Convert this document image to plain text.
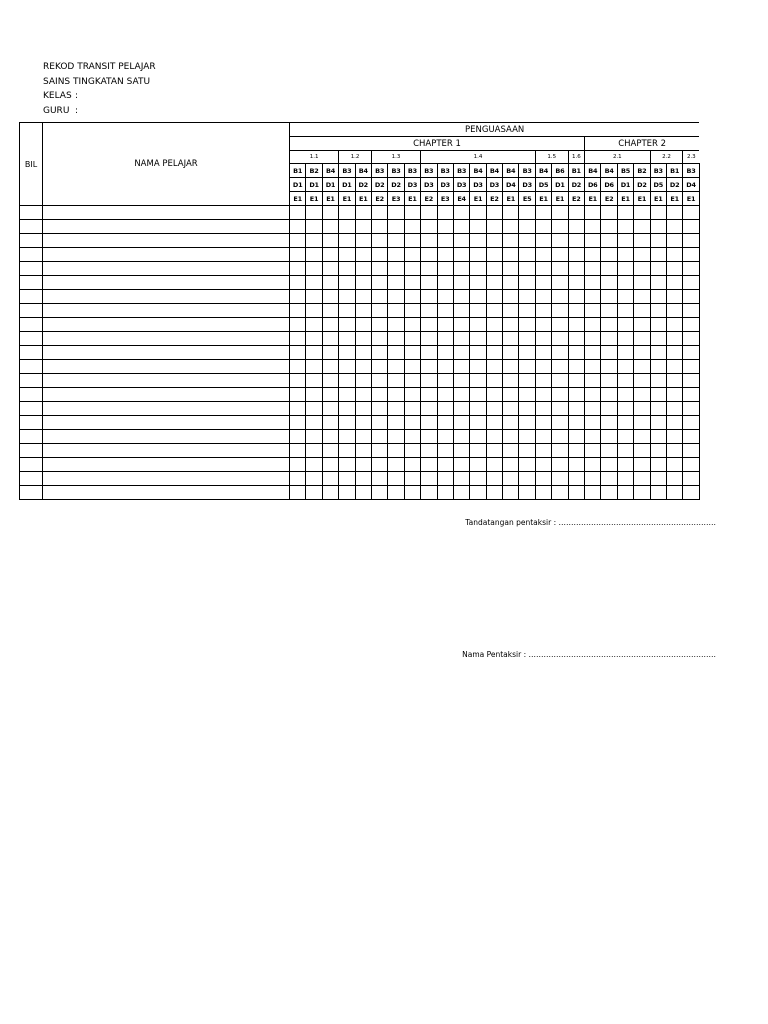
REKOD TRANSIT PELAJAR
SAINS TINGKATAN SATU
KELAS :
GURU :
BIL	NAMA PELAJAR	PENGUASAAN																								
		CHAPTER 1																		CHAPTER 2						
		1.1			1.2		1.3			1.4							1.5		1.6	2.1				2.2		2.3
		B1	B2	B4	B3	B4	B3	B3	B3	B3	B3	B3	B4	B4	B4	B3	B4	B6	B1	B4	B4	B5	B2	B3	B1	B3
		D1	D1	D1	D1	D2	D2	D2	D3	D3	D3	D3	D3	D3	D4	D3	D5	D1	D2	D6	D6	D1	D2	D5	D2	D4
		E1	E1	E1	E1	E1	E2	E3	E1	E2	E3	E4	E1	E2	E1	E5	E1	E1	E2	E1	E2	E1	E1	E1	E1	E1

Tandatangan pentaksir : ………………………………………………………
Nama Pentaksir : …………………………………………………………………
